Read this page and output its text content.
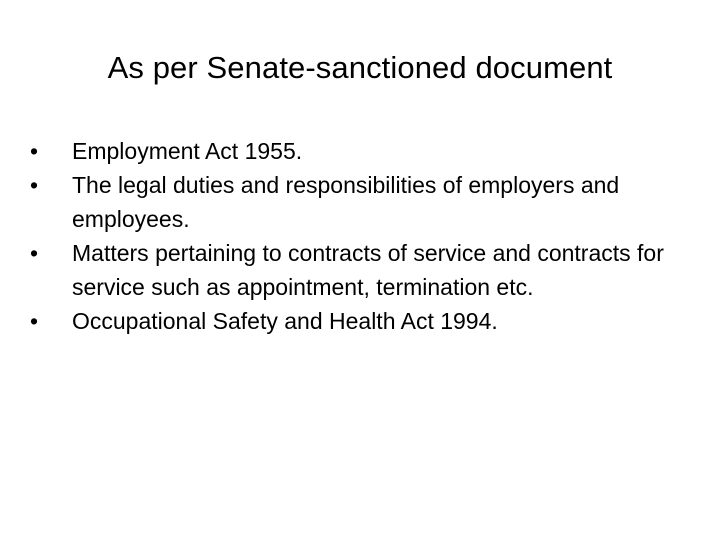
As per Senate-sanctioned document
•	Employment Act 1955.
•	The legal duties and responsibilities of employers and employees.
•	Matters pertaining to contracts of service and contracts for service such as appointment, termination etc.
•	Occupational Safety and Health Act 1994.
